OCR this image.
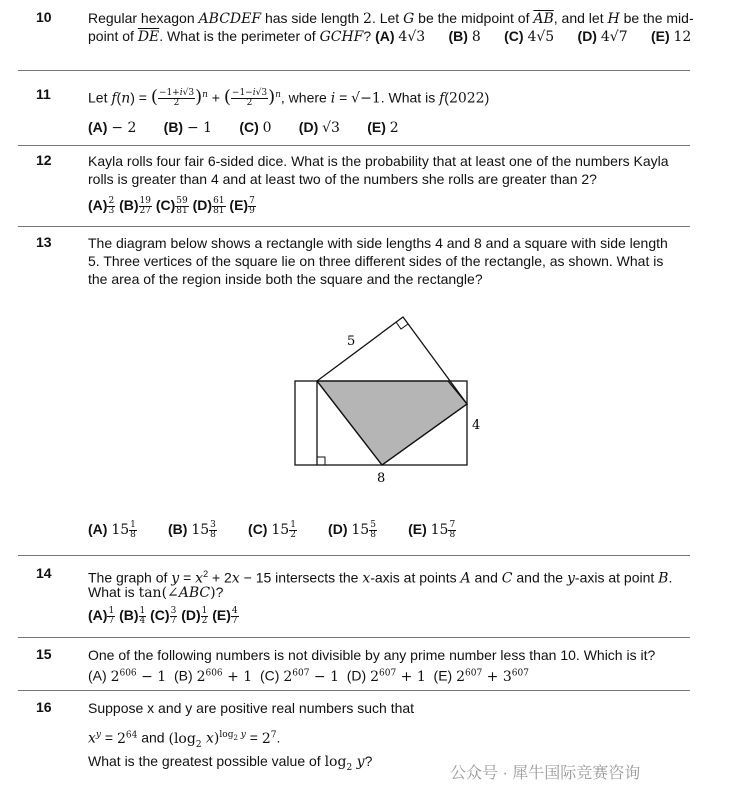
10	Regular hexagon ABCDEF has side length 2. Let G be the midpoint of $\overline{AB}$, and let H be the mid-
point of $\overline{DE}$. What is the perimeter of GCHF? (A) 4√3 (B) 8 (C) 4√5 (D) 4√7 (E) 12
11	Let f(n) = ( $\frac{-1+i√3}{2} )^n$ + ( $\frac{-1-i√3}{2} )^n$, where i = √−1. What is f(2022)
(A) − 2 (B) − 1 (C) 0 (D) √3 (E) 2
12	Kayla rolls four fair 6-sided dice. What is the probability that at least one of the numbers Kayla
rolls is greater than 4 and at least two of the numbers she rolls are greater than 2?
$(A) \frac{2}{3} (B) \frac{19}{27} (C) \frac{59}{81} (D) \frac{61}{81} (E) \frac{7}{9}$
13	The diagram below shows a rectangle with side lengths 4 and 8 and a square with side length
5. Three vertices of the square lie on three different sides of the rectangle, as shown. What is
the area of the region inside both the square and the rectangle?
5
4
8
(A) $15 \frac{1}{8} (B)$ $15 \frac{3}{8} (C)$ $15 \frac{1}{2} (D)$ $15 \frac{5}{8} (E)$ $15 \frac{7}{8}$
14	The graph of $y = x^2 + 2x - 15$ intersects the x-axis at points A and C and the y-axis at point B.
What is tan(∠ABC)?
$(A) \frac{1}{7} (B) \frac{1}{4} (C) \frac{3}{7} (D) \frac{1}{2} (E) \frac{4}{7}$
15	One of the following numbers is not divisible by any prime number less than 10. Which is it?
(A) $2^{606} - 1$  (B) $2^{606} + 1$  (C) $2^{607} - 1$  (D) $2^{607} + 1$  (E) $2^{607} + 3^{607}$
16	Suppose x and y are positive real numbers such that
$x^y = 2^{64}$ and ($\log_2$ $x)^{log_2 y} = 2^7$.
What is the greatest possible value of $\log_2 y$?
公众号 · 犀牛国际竞赛咨询
